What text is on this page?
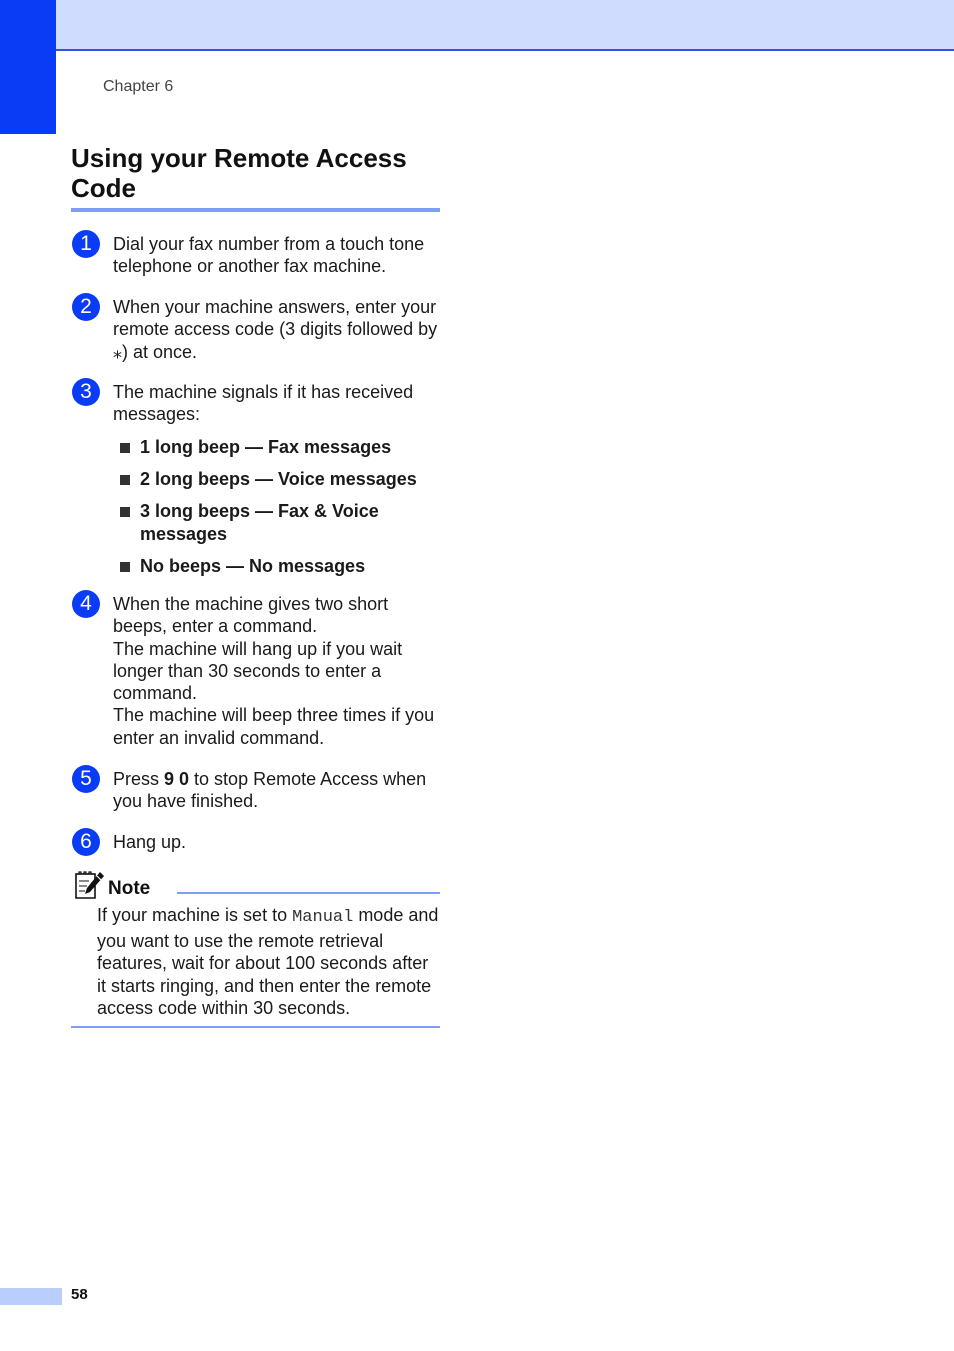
Chapter 6
Using your Remote Access Code
1	Dial your fax number from a touch tone telephone or another fax machine.
2	When your machine answers, enter your remote access code (3 digits followed by ⁎) at once.
3	The machine signals if it has received messages:
1 long beep — Fax messages
2 long beeps — Voice messages
3 long beeps — Fax & Voice messages
No beeps — No messages
4	When the machine gives two short beeps, enter a command.
The machine will hang up if you wait longer than 30 seconds to enter a command.
The machine will beep three times if you enter an invalid command.
5	Press 9 0 to stop Remote Access when you have finished.
6	Hang up.
Note
If your machine is set to Manual mode and you want to use the remote retrieval features, wait for about 100 seconds after it starts ringing, and then enter the remote access code within 30 seconds.
58
